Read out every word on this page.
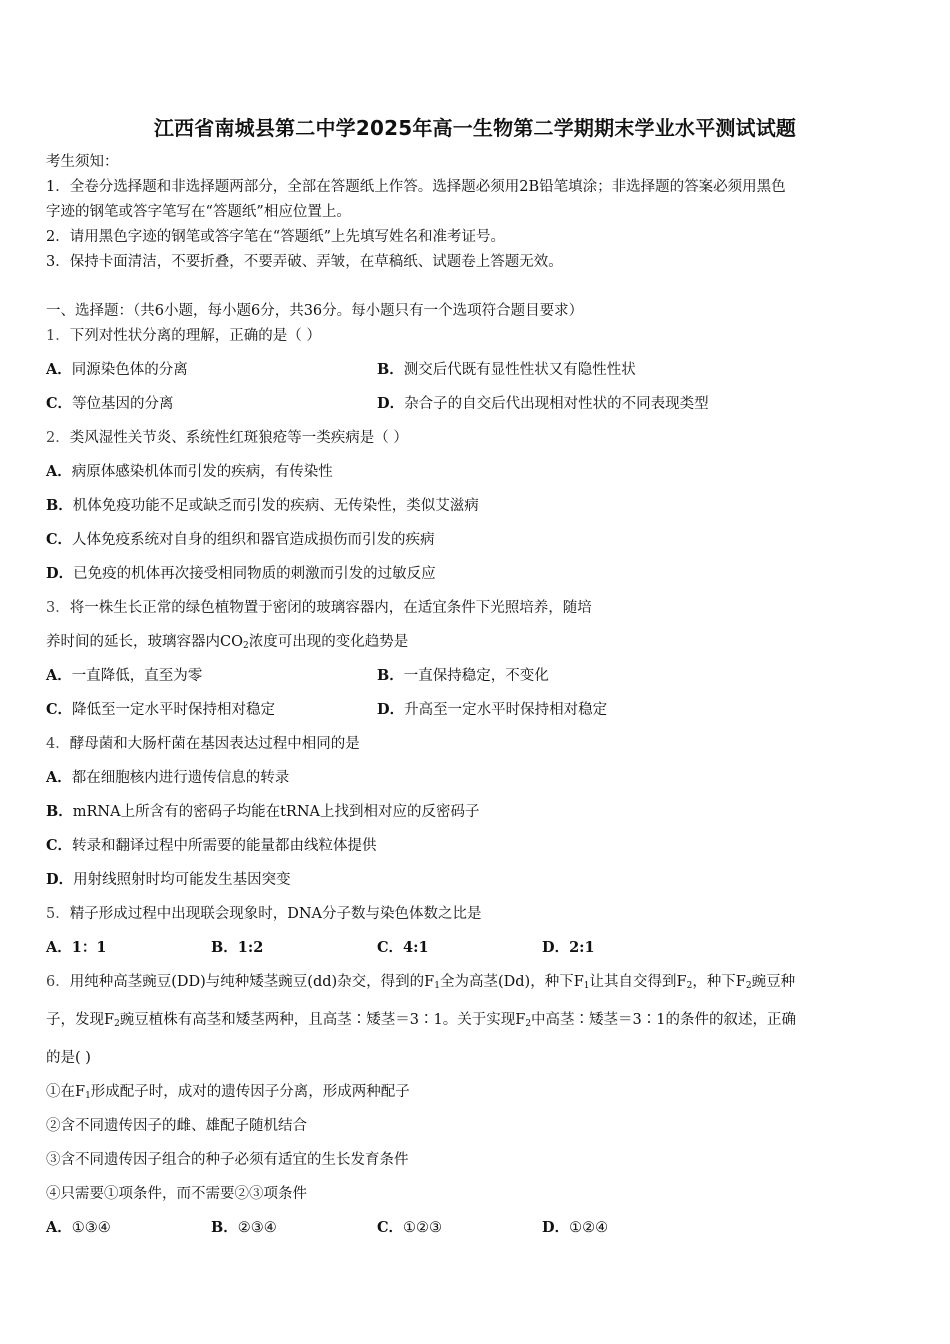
江西省南城县第二中学2025年高一生物第二学期期末学业水平测试试题
考生须知：
1．全卷分选择题和非选择题两部分，全部在答题纸上作答。选择题必须用2B铅笔填涂；非选择题的答案必须用黑色
字迹的钢笔或答字笔写在“答题纸”相应位置上。
2．请用黑色字迹的钢笔或答字笔在“答题纸”上先填写姓名和准考证号。
3．保持卡面清洁，不要折叠，不要弄破、弄皱，在草稿纸、试题卷上答题无效。
一、选择题：（共6小题，每小题6分，共36分。每小题只有一个选项符合题目要求）
1．下列对性状分离的理解，正确的是（ ）
A．同源染色体的分离	B．测交后代既有显性性状又有隐性性状
C．等位基因的分离	D．杂合子的自交后代出现相对性状的不同表现类型
2．类风湿性关节炎、系统性红斑狼疮等一类疾病是（ ）
A．病原体感染机体而引发的疾病，有传染性
B．机体免疫功能不足或缺乏而引发的疾病、无传染性，类似艾滋病
C．人体免疫系统对自身的组织和器官造成损伤而引发的疾病
D．已免疫的机体再次接受相同物质的刺激而引发的过敏反应
3．将一株生长正常的绿色植物置于密闭的玻璃容器内，在适宜条件下光照培养，随培
养时间的延长，玻璃容器内$CO_2$浓度可出现的变化趋势是
A．一直降低，直至为零	B．一直保持稳定，不变化
C．降低至一定水平时保持相对稳定	D．升高至一定水平时保持相对稳定
4．酵母菌和大肠杆菌在基因表达过程中相同的是
A．都在细胞核内进行遗传信息的转录
B．mRNA上所含有的密码子均能在tRNA上找到相对应的反密码子
C．转录和翻译过程中所需要的能量都由线粒体提供
D．用射线照射时均可能发生基因突变
5．精子形成过程中出现联会现象时，DNA分子数与染色体数之比是
A．1：1	B．1:2	C．4:1	D．2:1
6．用纯种高茎豌豆(DD)与纯种矮茎豌豆(dd)杂交，得到的$F_1$全为高茎(Dd)，种下$F_1$让其自交得到$F_2$，种下$F_2$豌豆种
子，发现$F_2$豌豆植株有高茎和矮茎两种，且高茎∶矮茎＝3∶1。关于实现$F_2$中高茎∶矮茎＝3∶1的条件的叙述，正确
的是( )
①在$F_1$形成配子时，成对的遗传因子分离，形成两种配子
②含不同遗传因子的雌、雄配子随机结合
③含不同遗传因子组合的种子必须有适宜的生长发育条件
④只需要①项条件，而不需要②③项条件
A．①③④	B．②③④	C．①②③	D．①②④
